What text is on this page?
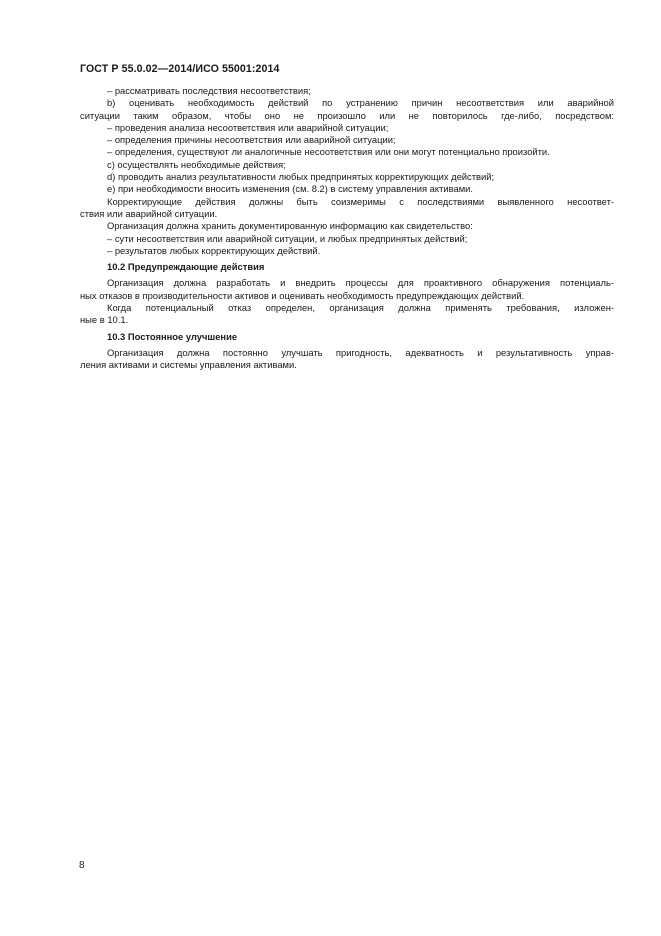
ГОСТ Р 55.0.02—2014/ИСО 55001:2014
– рассматривать последствия несоответствия;
b) оценивать необходимость действий по устранению причин несоответствия или аварийной
ситуации таким образом, чтобы оно не произошло или не повторилось где-либо, посредством:
– проведения анализа несоответствия или аварийной ситуации;
– определения причины несоответствия или аварийной ситуации;
– определения, существуют ли аналогичные несоответствия или они могут потенциально произойти.
c) осуществлять необходимые действия;
d) проводить анализ результативности любых предпринятых корректирующих действий;
e) при необходимости вносить изменения (см. 8.2) в систему управления активами.
Корректирующие действия должны быть соизмеримы с последствиями выявленного несоответ-
ствия или аварийной ситуации.
Организация должна хранить документированную информацию как свидетельство:
– сути несоответствия или аварийной ситуации, и любых предпринятых действий;
– результатов любых корректирующих действий.
10.2 Предупреждающие действия
Организация должна разработать и внедрить процессы для проактивного обнаружения потенциаль-
ных отказов в производительности активов и оценивать необходимость предупреждающих действий.
Когда потенциальный отказ определен, организация должна применять требования, изложен-
ные в 10.1.
10.3 Постоянное улучшение
Организация должна постоянно улучшать пригодность, адекватность и результативность управ-
ления активами и системы управления активами.
8
